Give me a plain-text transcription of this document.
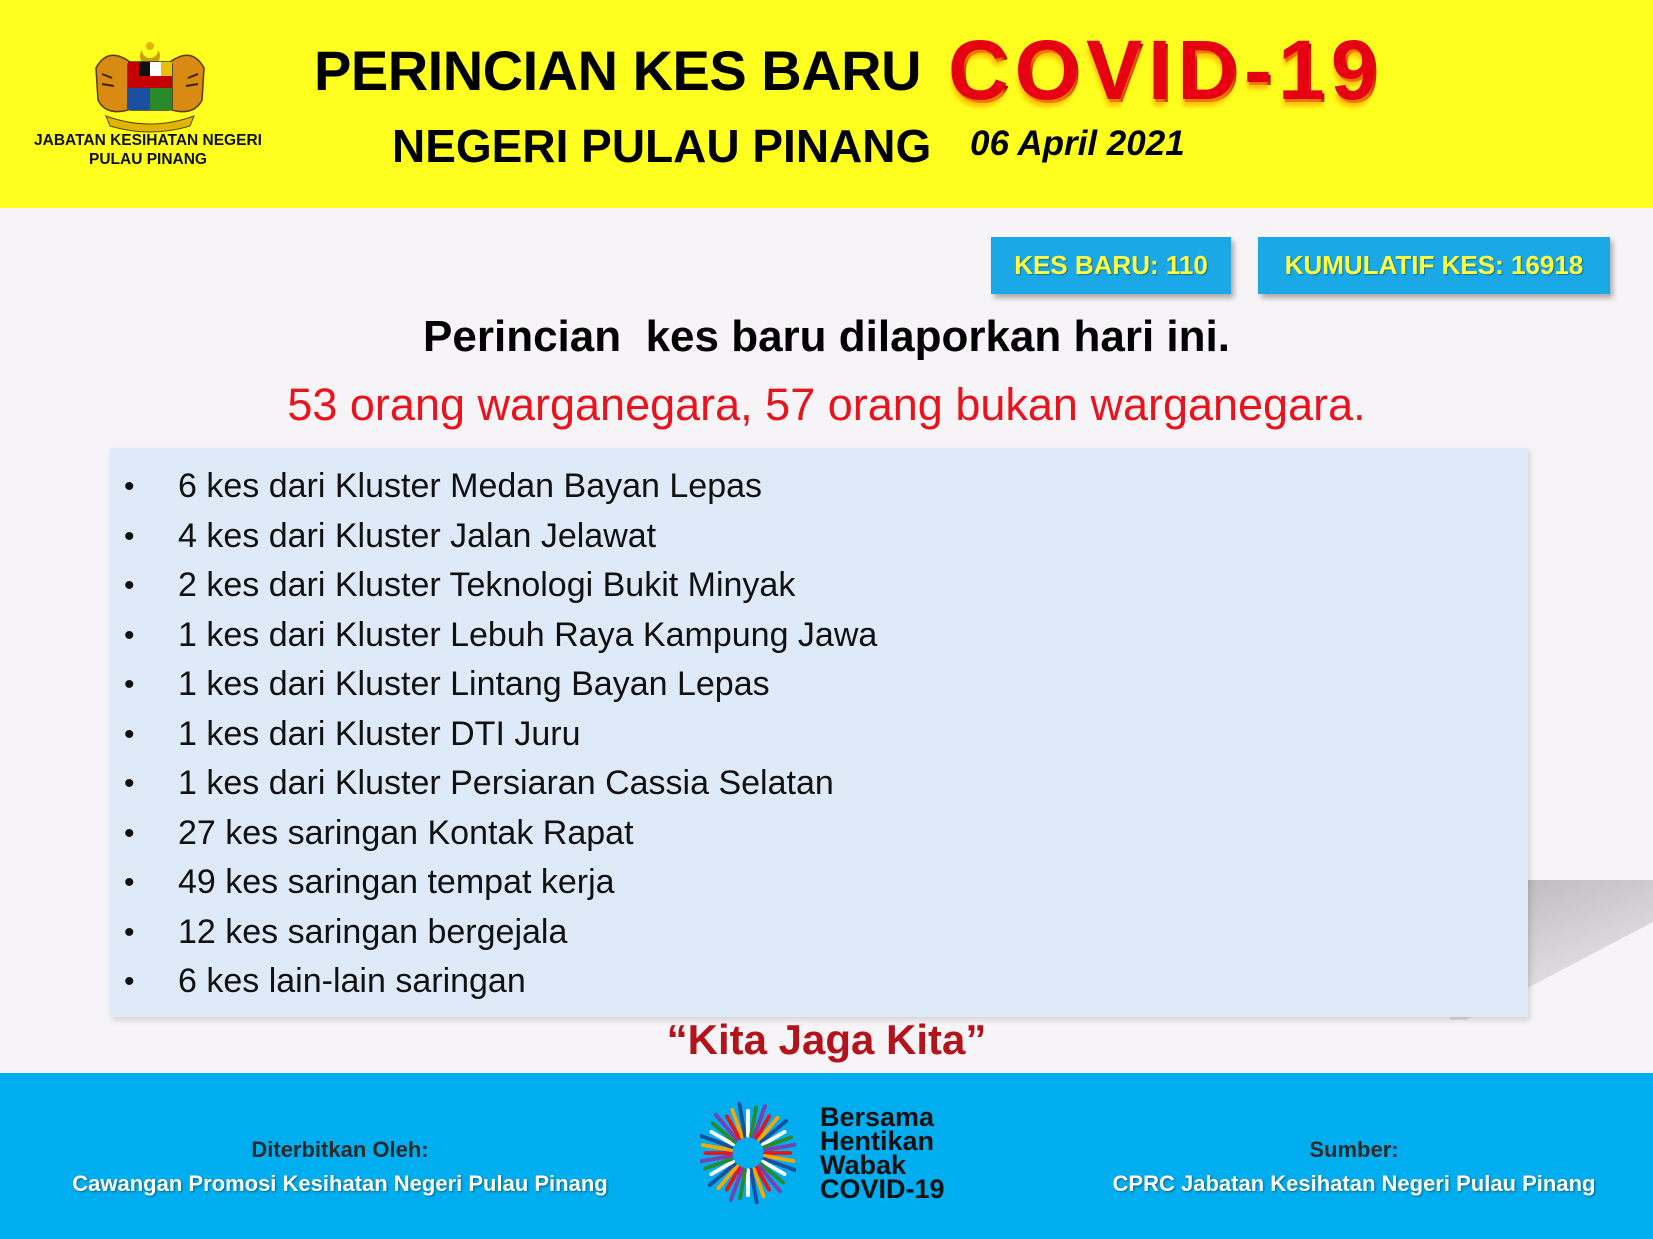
JABATAN KESIHATAN NEGERI
PULAU PINANG
PERINCIAN KES BARU COVID-19
NEGERI PULAU PINANG 06 April 2021
KES BARU: 110	KUMULATIF KES: 16918
Perincian  kes baru dilaporkan hari ini.
53 orang warganegara, 57 orang bukan warganegara.
• 6 kes dari Kluster Medan Bayan Lepas
• 4 kes dari Kluster Jalan Jelawat
• 2 kes dari Kluster Teknologi Bukit Minyak
• 1 kes dari Kluster Lebuh Raya Kampung Jawa
• 1 kes dari Kluster Lintang Bayan Lepas
• 1 kes dari Kluster DTI Juru
• 1 kes dari Kluster Persiaran Cassia Selatan
• 27 kes saringan Kontak Rapat
• 49 kes saringan tempat kerja
• 12 kes saringan bergejala
• 6 kes lain-lain saringan
“Kita Jaga Kita”
Diterbitkan Oleh:
Cawangan Promosi Kesihatan Negeri Pulau Pinang
Bersama
Hentikan
Wabak
COVID-19
Sumber:
CPRC Jabatan Kesihatan Negeri Pulau Pinang
